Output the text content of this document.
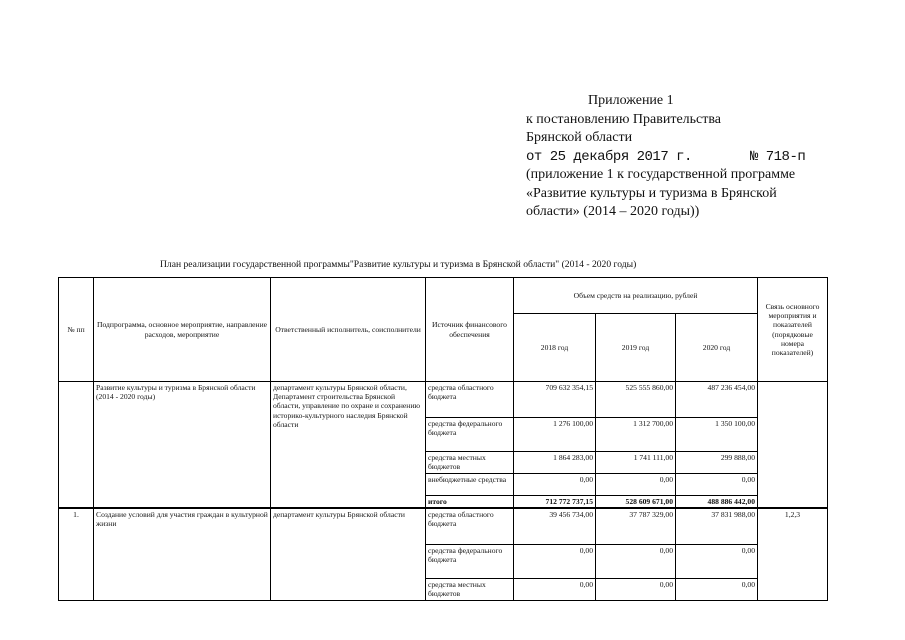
Приложение 1
к постановлению Правительства
Брянской области
от 25 декабря 2017 г.	№ 718-п
(приложение 1 к государственной программе
«Развитие культуры и туризма в Брянской
области» (2014 – 2020 годы))
План реализации государственной программы"Развитие культуры и туризма в Брянской области" (2014 - 2020 годы)
№ пп	Подпрограмма, основное мероприятие, направление расходов, мероприятие	Ответственный исполнитель, соисполнители	Источник финансового обеспечения	Объем средств на реализацию, рублей			Связь основного мероприятия и показателей (порядковые номера показателей)
				2018 год	2019 год	2020 год	
	Развитие культуры и туризма в Брянской области (2014 - 2020 годы)	департамент культуры Брянской области, Департамент строительства Брянской области, управление по охране и сохранению историко-культурного наследия Брянской области	средства областного бюджета	709 632 354,15	525 555 860,00	487 236 454,00	
			средства федерального бюджета	1 276 100,00	1 312 700,00	1 350 100,00	
			средства местных бюджетов	1 864 283,00	1 741 111,00	299 888,00	
			внебюджетные средства	0,00	0,00	0,00	
			итого	712 772 737,15	528 609 671,00	488 886 442,00	
1.	Создание условий для участия граждан в культурной жизни	департамент культуры Брянской области	средства областного бюджета	39 456 734,00	37 787 329,00	37 831 988,00	1,2,3
			средства федерального бюджета	0,00	0,00	0,00	
			средства местных бюджетов	0,00	0,00	0,00	
